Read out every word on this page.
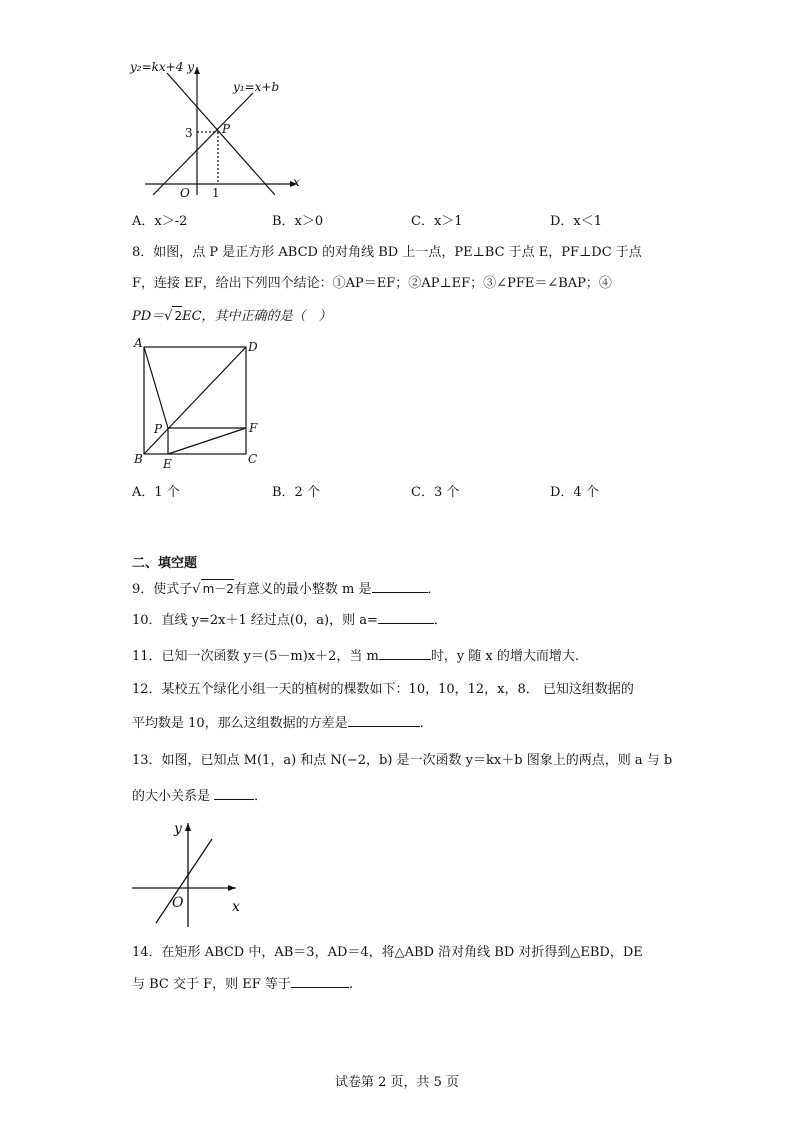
y₂=kx+4 y
y₁=x+b
P
3
1
O
x
A．x＞-2	B．x＞0	C．x＞1	D．x＜1
8．如图，点 P 是正方形 ABCD 的对角线 BD 上一点，PE⊥BC 于点 E，PF⊥DC 于点
F，连接 EF，给出下列四个结论：①AP＝EF；②AP⊥EF；③∠PFE＝∠BAP；④
PD＝√ 2EC，其中正确的是（　）
A	D
B	C
E
F
P
A．1 个	B．2 个	C．3 个	D．4 个
二、填空题
9．使式子√ m－2有意义的最小整数 m 是	．
10．直线 y=2x＋1 经过点(0，a)，则 a=	．
11．已知一次函数 y＝(5－m)x＋2，当 m	时，y 随 x 的增大而增大.
12．某校五个绿化小组一天的植树的棵数如下：10，10，12，x，8． 已知这组数据的
平均数是 10，那么这组数据的方差是	．
13．如图，已知点 M(1，a) 和点 N(−2，b) 是一次函数 y＝kx＋b 图象上的两点，则 a 与 b
的大小关系是	．
y
x
O
14．在矩形 ABCD 中，AB＝3，AD＝4，将△ABD 沿对角线 BD 对折得到△EBD，DE
与 BC 交于 F，则 EF 等于	.
试卷第 2 页，共 5 页
